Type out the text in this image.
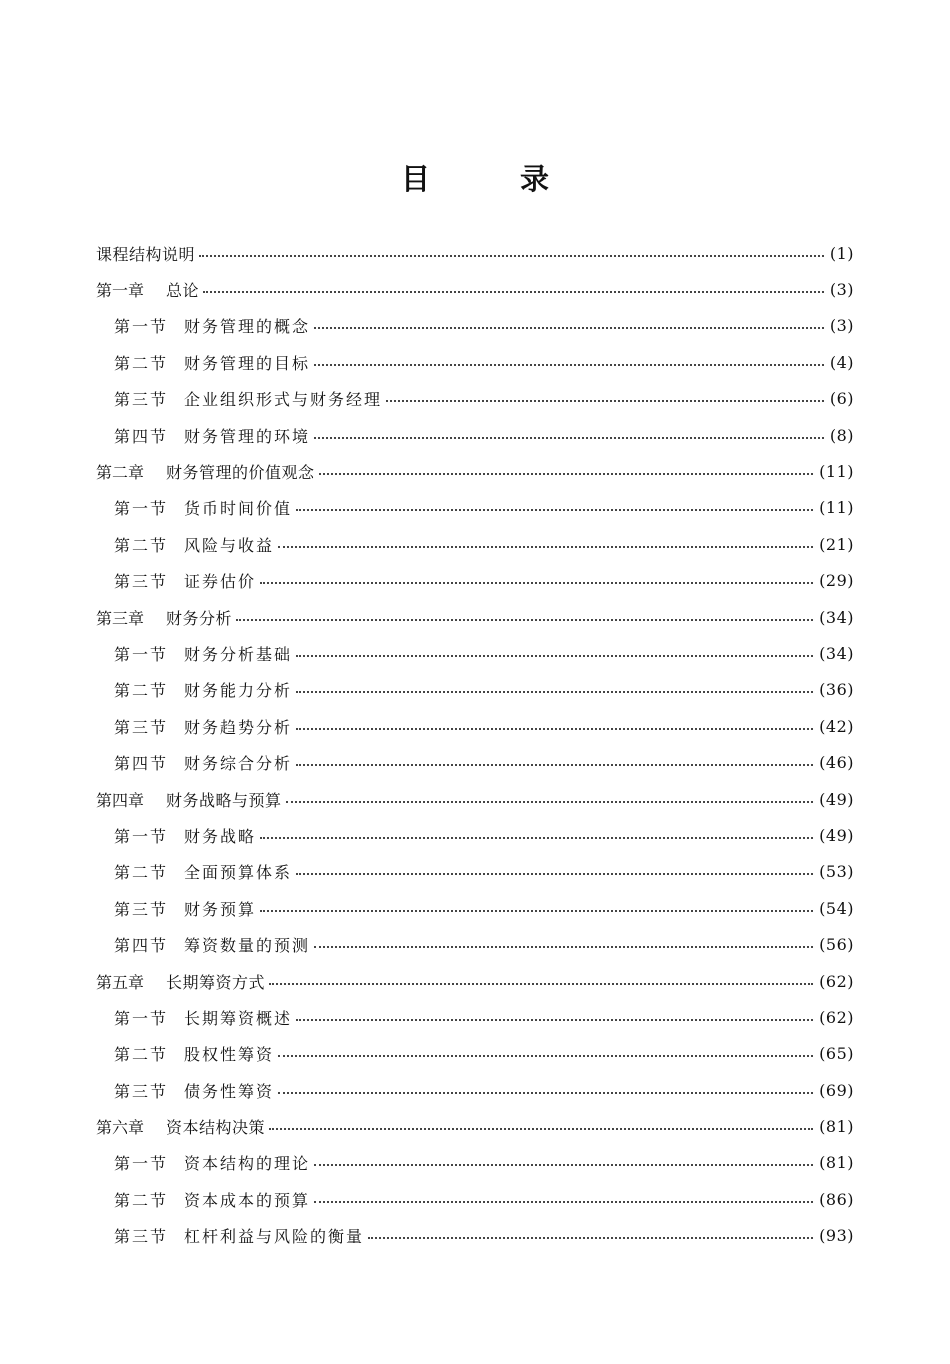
目 录
课程结构说明	(1)
第一章	总论	(3)
第一节 财务管理的概念	(3)
第二节 财务管理的目标	(4)
第三节 企业组织形式与财务经理	(6)
第四节 财务管理的环境	(8)
第二章	财务管理的价值观念	(11)
第一节 货币时间价值	(11)
第二节 风险与收益	(21)
第三节 证券估价	(29)
第三章	财务分析	(34)
第一节 财务分析基础	(34)
第二节 财务能力分析	(36)
第三节 财务趋势分析	(42)
第四节 财务综合分析	(46)
第四章	财务战略与预算	(49)
第一节 财务战略	(49)
第二节 全面预算体系	(53)
第三节 财务预算	(54)
第四节 筹资数量的预测	(56)
第五章	长期筹资方式	(62)
第一节 长期筹资概述	(62)
第二节 股权性筹资	(65)
第三节 债务性筹资	(69)
第六章	资本结构决策	(81)
第一节 资本结构的理论	(81)
第二节 资本成本的预算	(86)
第三节 杠杆利益与风险的衡量	(93)
